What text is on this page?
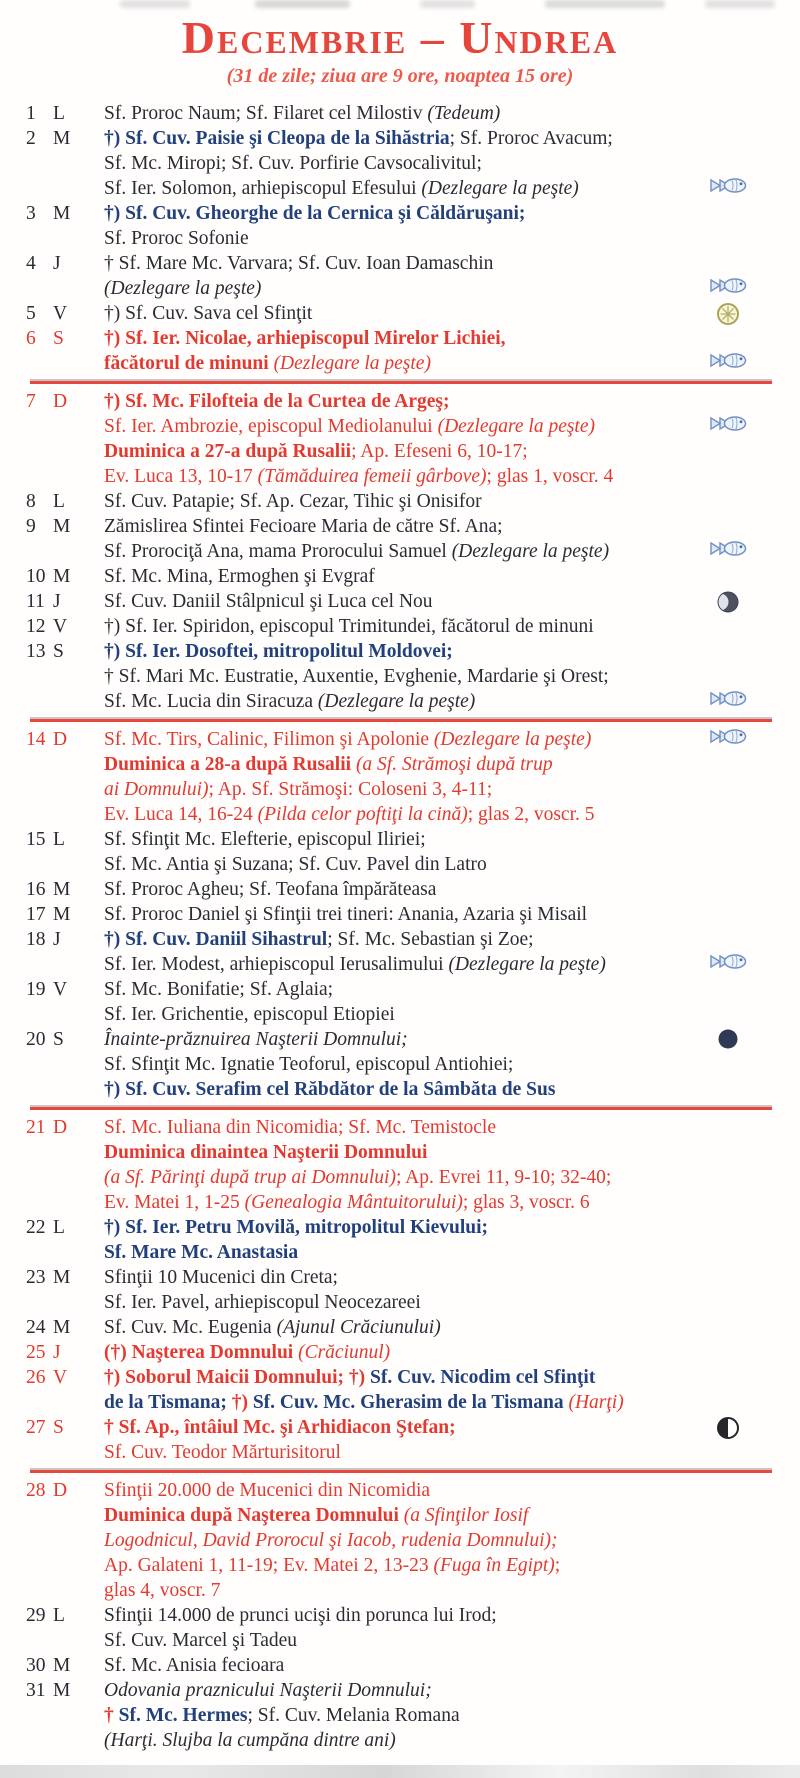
Decembrie – Undrea
(31 de zile; ziua are 9 ore, noaptea 15 ore)
1 L	Sf. Proroc Naum; Sf. Filaret cel Milostiv (Tedeum)
2 M	†) Sf. Cuv. Paisie şi Cleopa de la Sihăstria; Sf. Proroc Avacum;
Sf. Mc. Miropi; Sf. Cuv. Porfirie Cavsocalivitul;
Sf. Ier. Solomon, arhiepiscopul Efesului (Dezlegare la peşte)
3 M	†) Sf. Cuv. Gheorghe de la Cernica şi Căldăruşani;
Sf. Proroc Sofonie
4 J	† Sf. Mare Mc. Varvara; Sf. Cuv. Ioan Damaschin
(Dezlegare la peşte)
5 V	†) Sf. Cuv. Sava cel Sfinţit
6 S	†) Sf. Ier. Nicolae, arhiepiscopul Mirelor Lichiei,
făcătorul de minuni (Dezlegare la peşte)
7 D	†) Sf. Mc. Filofteia de la Curtea de Argeş;
Sf. Ier. Ambrozie, episcopul Mediolanului (Dezlegare la peşte)
Duminica a 27-a după Rusalii; Ap. Efeseni 6, 10-17;
Ev. Luca 13, 10-17 (Tămăduirea femeii gârbove); glas 1, voscr. 4
8 L	Sf. Cuv. Patapie; Sf. Ap. Cezar, Tihic şi Onisifor
9 M	Zămislirea Sfintei Fecioare Maria de către Sf. Ana;
Sf. Prorociţă Ana, mama Prorocului Samuel (Dezlegare la peşte)
10 M	Sf. Mc. Mina, Ermoghen şi Evgraf
11 J	Sf. Cuv. Daniil Stâlpnicul şi Luca cel Nou
12 V	†) Sf. Ier. Spiridon, episcopul Trimitundei, făcătorul de minuni
13 S	†) Sf. Ier. Dosoftei, mitropolitul Moldovei;
† Sf. Mari Mc. Eustratie, Auxentie, Evghenie, Mardarie şi Orest;
Sf. Mc. Lucia din Siracuza (Dezlegare la peşte)
14 D	Sf. Mc. Tirs, Calinic, Filimon şi Apolonie (Dezlegare la peşte)
Duminica a 28-a după Rusalii (a Sf. Strămoşi după trup
ai Domnului); Ap. Sf. Strămoşi: Coloseni 3, 4-11;
Ev. Luca 14, 16-24 (Pilda celor poftiţi la cină); glas 2, voscr. 5
15 L	Sf. Sfinţit Mc. Elefterie, episcopul Iliriei;
Sf. Mc. Antia şi Suzana; Sf. Cuv. Pavel din Latro
16 M	Sf. Proroc Agheu; Sf. Teofana împărăteasa
17 M	Sf. Proroc Daniel şi Sfinţii trei tineri: Anania, Azaria şi Misail
18 J	†) Sf. Cuv. Daniil Sihastrul; Sf. Mc. Sebastian şi Zoe;
Sf. Ier. Modest, arhiepiscopul Ierusalimului (Dezlegare la peşte)
19 V	Sf. Mc. Bonifatie; Sf. Aglaia;
Sf. Ier. Grichentie, episcopul Etiopiei
20 S	Înainte-prăznuirea Naşterii Domnului;
Sf. Sfinţit Mc. Ignatie Teoforul, episcopul Antiohiei;
†) Sf. Cuv. Serafim cel Răbdător de la Sâmbăta de Sus
21 D	Sf. Mc. Iuliana din Nicomidia; Sf. Mc. Temistocle
Duminica dinaintea Naşterii Domnului
(a Sf. Părinţi după trup ai Domnului); Ap. Evrei 11, 9-10; 32-40;
Ev. Matei 1, 1-25 (Genealogia Mântuitorului); glas 3, voscr. 6
22 L	†) Sf. Ier. Petru Movilă, mitropolitul Kievului;
Sf. Mare Mc. Anastasia
23 M	Sfinţii 10 Mucenici din Creta;
Sf. Ier. Pavel, arhiepiscopul Neocezareei
24 M	Sf. Cuv. Mc. Eugenia (Ajunul Crăciunului)
25 J	(†) Naşterea Domnului (Crăciunul)
26 V	†) Soborul Maicii Domnului; †) Sf. Cuv. Nicodim cel Sfinţit
de la Tismana; †) Sf. Cuv. Mc. Gherasim de la Tismana (Harţi)
27 S	† Sf. Ap., întâiul Mc. şi Arhidiacon Ştefan;
Sf. Cuv. Teodor Mărturisitorul
28 D	Sfinţii 20.000 de Mucenici din Nicomidia
Duminica după Naşterea Domnului (a Sfinţilor Iosif
Logodnicul, David Prorocul şi Iacob, rudenia Domnului);
Ap. Galateni 1, 11-19; Ev. Matei 2, 13-23 (Fuga în Egipt);
glas 4, voscr. 7
29 L	Sfinţii 14.000 de prunci ucişi din porunca lui Irod;
Sf. Cuv. Marcel şi Tadeu
30 M	Sf. Mc. Anisia fecioara
31 M	Odovania praznicului Naşterii Domnului;
† Sf. Mc. Hermes; Sf. Cuv. Melania Romana
(Harţi. Slujba la cumpăna dintre ani)
